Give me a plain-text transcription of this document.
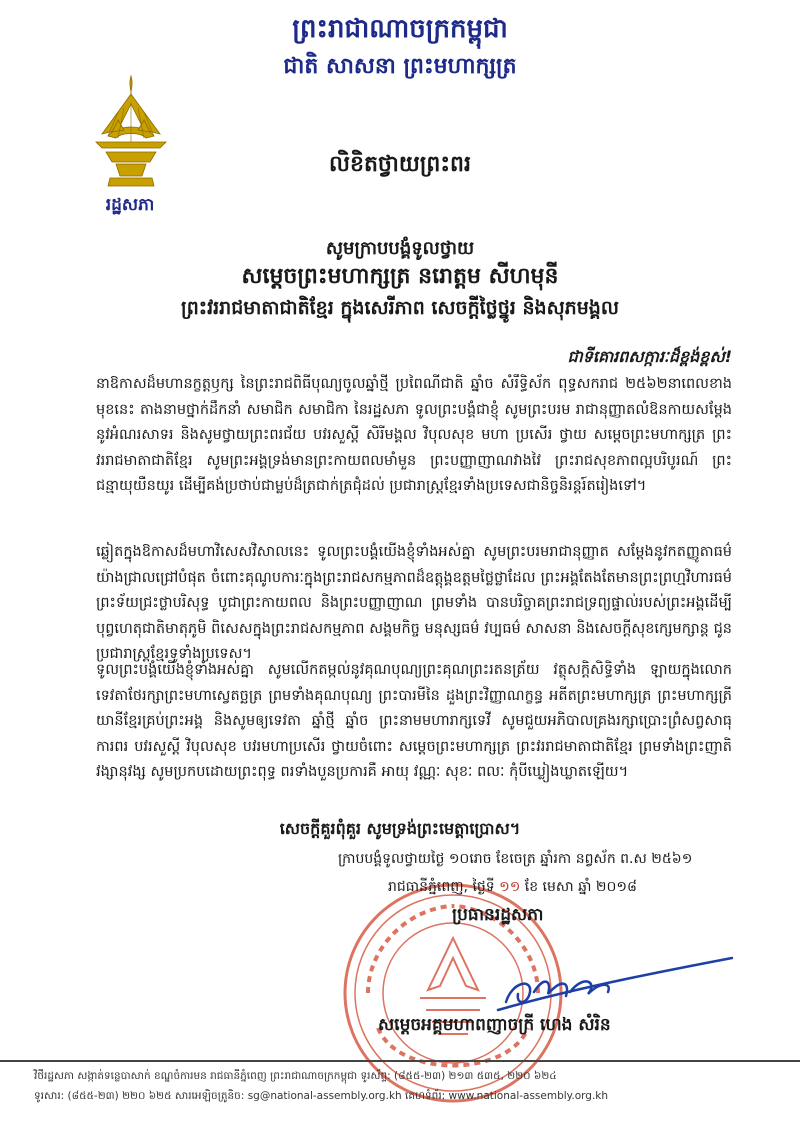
ព្រះរាជាណាចក្រកម្ពុជា
ជាតិ សាសនា ព្រះមហាក្សត្រ
រដ្ឋសភា
លិខិតថ្វាយព្រះពរ
សូមក្រាបបង្គំទូលថ្វាយ
សម្ដេចព្រះមហាក្សត្រ នរោត្ដម សីហមុនី
ព្រះវររាជមាតាជាតិខ្មែរ ក្នុងសេរីភាព សេចក្ដីថ្លៃថ្នូរ និងសុភមង្គល
ជាទីគោរពសក្ការៈដ៏ខ្ពង់ខ្ពស់!
នាឱកាសដ៏មហានក្ខត្តឫក្ស នៃព្រះរាជពិធីបុណ្យចូលឆ្នាំថ្មី ប្រពៃណីជាតិ ឆ្នាំច សំរឹទ្ធិស័ក ពុទ្ធសករាជ ២៥៦២នាពេលខាងមុខនេះ តាងនាមថ្នាក់ដឹកនាំ សមាជិក សមាជិកា នៃរដ្ឋសភា ទូលព្រះបង្គំជាខ្ញុំ សូមព្រះបរម រាជានុញ្ញាតលំឱនកាយសម្ដែងនូវអំណរសាទរ និងសូមថ្វាយព្រះពរជ័យ បវរសួស្ដី សិរីមង្គល វិបុលសុខ មហា ប្រសើរ ថ្វាយ សម្ដេចព្រះមហាក្សត្រ ព្រះវររាជមាតាជាតិខ្មែរ សូមព្រះអង្គទ្រង់មានព្រះកាយពលមាំមួន ព្រះបញ្ញាញាណវាងវៃ ព្រះរាជសុខភាពល្អបរិបូរណ៍ ព្រះជន្មាយុយឺនយូរ ដើម្បីគង់ប្រថាប់ជាម្លប់ដ៏ត្រជាក់ត្រជុំដល់ ប្រជារាស្ត្រខ្មែរទាំងប្រទេសជានិច្ចនិរន្តរ៍តរៀងទៅ។
ឆ្លៀតក្នុងឱកាសដ៏មហាវិសេសវិសាលនេះ ទូលព្រះបង្គំយើងខ្ញុំទាំងអស់គ្នា សូមព្រះបរមរាជានុញ្ញាត សម្ដែងនូវកតញ្ញូតាធម៌យ៉ាងជ្រាលជ្រៅបំផុត ចំពោះគុណូបការៈក្នុងព្រះរាជសកម្មភាពដ៏ឧត្ដុង្គឧត្ដមថ្លៃថ្លាដែល ព្រះអង្គតែងតែមានព្រះព្រហ្មវិហារធម៌ ព្រះទ័យជ្រះថ្លាបរិសុទ្ធ បូជាព្រះកាយពល និងព្រះបញ្ញាញាណ ព្រមទាំង បានបរិច្ចាគព្រះរាជទ្រព្យផ្ទាល់របស់ព្រះអង្គដើម្បីបុព្វហេតុជាតិមាតុភូមិ ពិសេសក្នុងព្រះរាជសកម្មភាព សង្គមកិច្ច មនុស្សធម៌ វប្បធម៌ សាសនា និងសេចក្ដីសុខក្សេមក្សាន្ត ជូនប្រជារាស្ត្រខ្មែរទូទាំងប្រទេស។
ទូលព្រះបង្គំយើងខ្ញុំទាំងអស់គ្នា សូមលើកតម្កល់នូវគុណបុណ្យព្រះគុណព្រះរតនត្រ័យ វត្ថុសក្ដិសិទ្ធិទាំង ឡាយក្នុងលោក ទេវតាថែរក្សាព្រះមហាស្វេតច្ឆត្រ ព្រមទាំងគុណបុណ្យ ព្រះបារមីនៃ ដួងព្រះវិញ្ញាណក្ខន្ធ អតីតព្រះមហាក្សត្រ ព្រះមហាក្សត្រីយានីខ្មែរគ្រប់ព្រះអង្គ និងសូមឲ្យទេវតា ឆ្នាំថ្មី ឆ្នាំច ព្រះនាមមហារាក្សទេវី សូមជួយអភិបាលគ្រងរក្សាប្រោះព្រំសព្វសាធុការពរ បវរសួស្ដី វិបុលសុខ បវរមហាប្រសើរ ថ្វាយចំពោះ សម្ដេចព្រះមហាក្សត្រ ព្រះវររាជមាតាជាតិខ្មែរ ព្រមទាំងព្រះញាតិវង្សានុវង្ស សូមប្រកបដោយព្រះពុទ្ធ ពរទាំងបួនប្រការគឺ អាយុ វណ្ណៈ សុខៈ ពលៈ កុំបីឃ្លៀងឃ្លាតឡើយ។
សេចក្ដីគួរពុំគួរ សូមទ្រង់ព្រះមេត្តាប្រោស។
ក្រាបបង្គំទូលថ្វាយថ្ងៃ ១០រោច ខែចេត្រ ឆ្នាំរកា នព្វស័ក ព.ស ២៥៦១
រាជធានីភ្នំពេញ, ថ្ងៃទី ១១ ខែ មេសា ឆ្នាំ ២០១៨
ប្រធានរដ្ឋសភា
សម្ដេចអគ្គមហាពញាចក្រី ហេង សំរិន
វិថីរដ្ឋសភា សង្កាត់ទន្លេបាសាក់ ខណ្ឌចំការមន រាជធានីភ្នំពេញ ព្រះរាជាណាចក្រកម្ពុជា ទូរស័ព្ទ: (៨៥៥-២៣) ២១៣ ៥៣៥, ២២០ ៦២៤
ទូរសារ: (៨៥៥-២៣) ២២០ ៦២៥ សារអេឡិចត្រូនិច: sg@national-assembly.org.kh គេហទំព័រ: www.national-assembly.org.kh
